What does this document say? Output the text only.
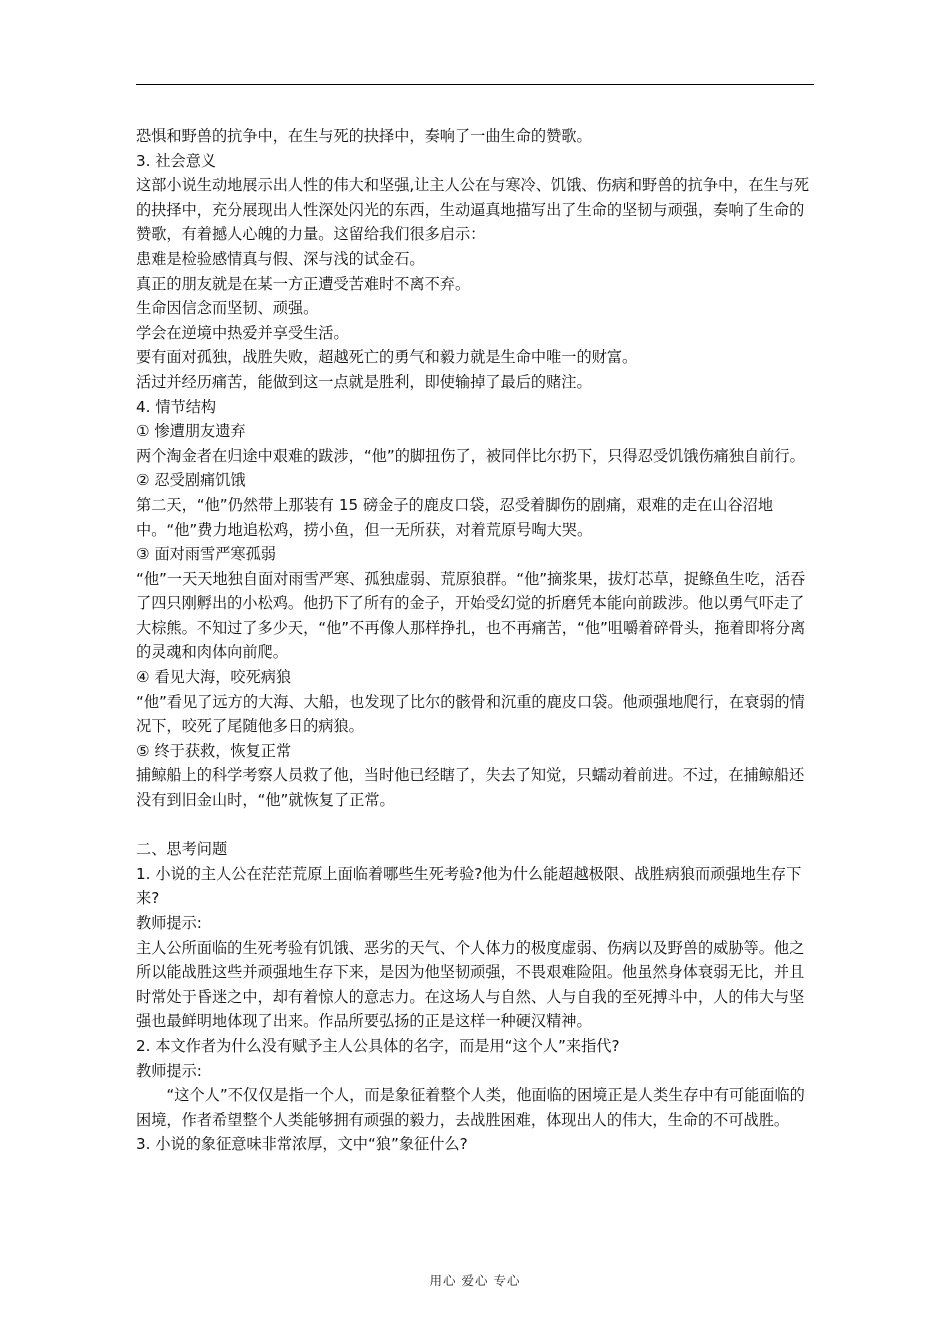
恐惧和野兽的抗争中，在生与死的抉择中，奏响了一曲生命的赞歌。

3. 社会意义

这部小说生动地展示出人性的伟大和坚强,让主人公在与寒冷、饥饿、伤病和野兽的抗争中，在生与死的抉择中，充分展现出人性深处闪光的东西，生动逼真地描写出了生命的坚韧与顽强，奏响了生命的赞歌，有着撼人心魄的力量。这留给我们很多启示：

患难是检验感情真与假、深与浅的试金石。

真正的朋友就是在某一方正遭受苦难时不离不弃。

生命因信念而坚韧、顽强。

学会在逆境中热爱并享受生活。

要有面对孤独，战胜失败，超越死亡的勇气和毅力就是生命中唯一的财富。

活过并经历痛苦，能做到这一点就是胜利，即使输掉了最后的赌注。

4. 情节结构

① 惨遭朋友遗弃

两个淘金者在归途中艰难的跋涉，“他”的脚扭伤了，被同伴比尔扔下，只得忍受饥饿伤痛独自前行。

② 忍受剧痛饥饿

第二天，“他”仍然带上那装有 15 磅金子的鹿皮口袋，忍受着脚伤的剧痛，艰难的走在山谷沼地中。“他”费力地追松鸡，捞小鱼，但一无所获，对着荒原号啕大哭。

③ 面对雨雪严寒孤弱

“他”一天天地独自面对雨雪严寒、孤独虚弱、荒原狼群。“他”摘浆果，拔灯芯草，捉鲦鱼生吃，活吞了四只刚孵出的小松鸡。他扔下了所有的金子，开始受幻觉的折磨凭本能向前跋涉。他以勇气吓走了大棕熊。不知过了多少天，“他”不再像人那样挣扎，也不再痛苦，“他”咀嚼着碎骨头，拖着即将分离的灵魂和肉体向前爬。

④ 看见大海，咬死病狼

“他”看见了远方的大海、大船，也发现了比尔的骸骨和沉重的鹿皮口袋。他顽强地爬行，在衰弱的情况下，咬死了尾随他多日的病狼。

⑤ 终于获救，恢复正常

捕鲸船上的科学考察人员救了他，当时他已经瞎了，失去了知觉，只蠕动着前进。不过，在捕鲸船还没有到旧金山时，“他”就恢复了正常。

二、思考问题

1. 小说的主人公在茫茫荒原上面临着哪些生死考验?他为什么能超越极限、战胜病狼而顽强地生存下来?

教师提示:

主人公所面临的生死考验有饥饿、恶劣的天气、个人体力的极度虚弱、伤病以及野兽的威胁等。他之所以能战胜这些并顽强地生存下来，是因为他坚韧顽强，不畏艰难险阻。他虽然身体衰弱无比，并且时常处于昏迷之中，却有着惊人的意志力。在这场人与自然、人与自我的至死搏斗中，人的伟大与坚强也最鲜明地体现了出来。作品所要弘扬的正是这样一种硬汉精神。

2. 本文作者为什么没有赋予主人公具体的名字，而是用“这个人”来指代?

教师提示:

“这个人”不仅仅是指一个人，而是象征着整个人类，他面临的困境正是人类生存中有可能面临的困境，作者希望整个人类能够拥有顽强的毅力，去战胜困难，体现出人的伟大，生命的不可战胜。

3. 小说的象征意味非常浓厚，文中“狼”象征什么?

用心 爱心 专心
